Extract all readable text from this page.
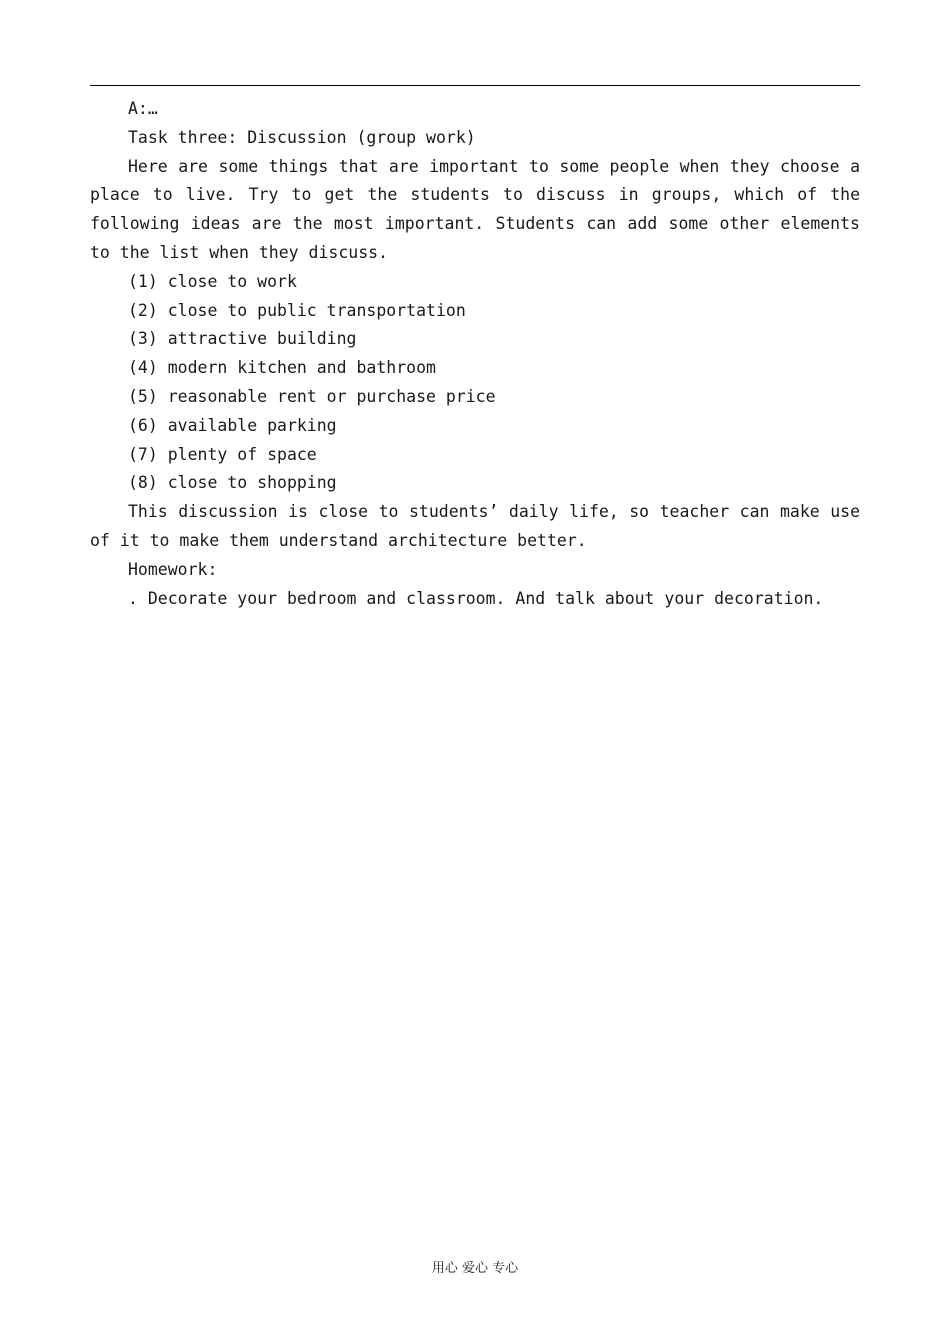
A:…

Task three: Discussion (group work)

Here are some things that are important to some people when they choose a place to live. Try to get the students to discuss in groups, which of the following ideas are the most important. Students can add some other elements to the list when they discuss.

(1) close to work

(2) close to public transportation

(3) attractive building

(4) modern kitchen and bathroom

(5) reasonable rent or purchase price

(6) available parking

(7) plenty of space

(8) close to shopping

This discussion is close to students’ daily life, so teacher can make use of it to make them understand architecture better.

Homework:

. Decorate your bedroom and classroom. And talk about your decoration.

用心 爱心 专心
